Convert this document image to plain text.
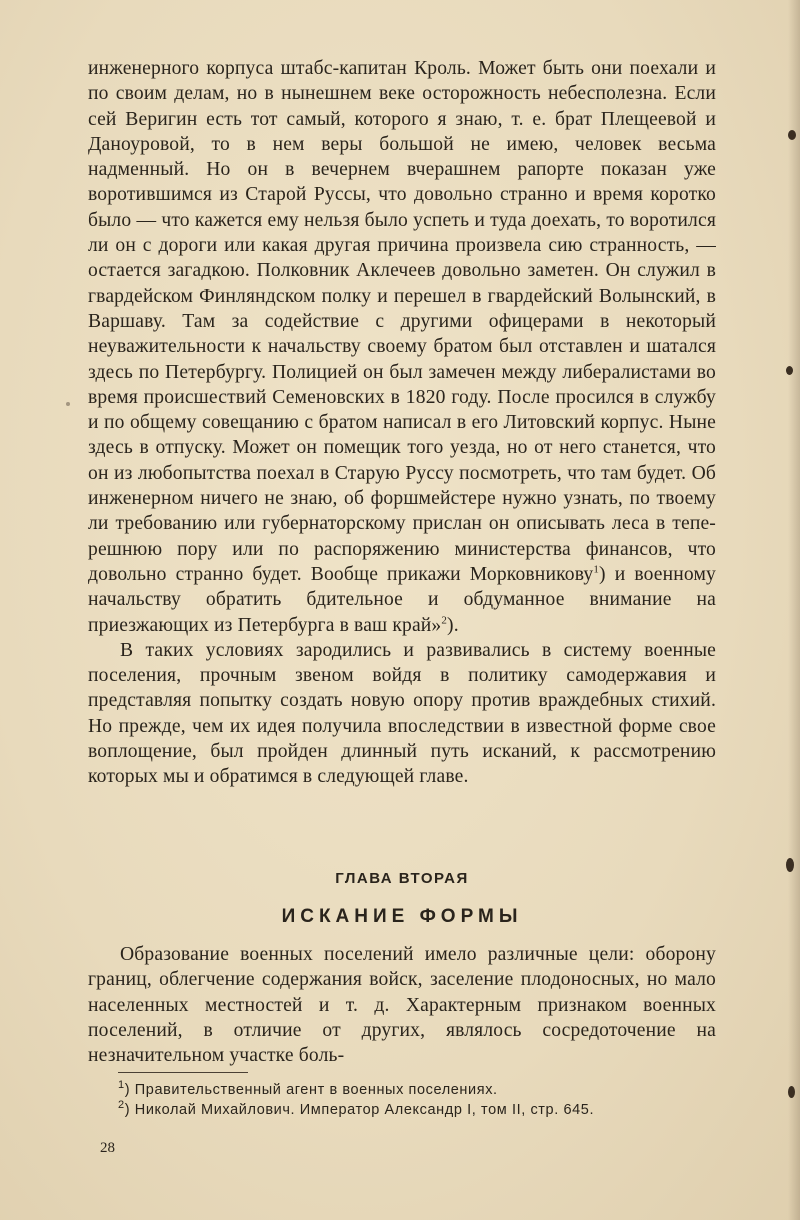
инженерного корпуса штабс-капитан Кроль. Может быть они поехали и по своим делам, но в нынешнем веке осторожность небесполезна. Если сей Веригин есть тот самый, которого я знаю, т. е. брат Плещеевой и Даноуровой, то в нем веры большой не имею, человек весьма надменный. Но он в вечернем вчерашнем рапорте показан уже воротившимся из Старой Руссы, что довольно странно и время коротко было — что кажется ему нельзя было успеть и туда доехать, то воротился ли он с дороги или какая другая причина произвела сию странность, — остается загадкою. Полковник Аклечеев довольно заметен. Он служил в гвардейском Финляндском полку и перешел в гвардейский Волынский, в Варшаву. Там за содействие с другими офицерами в некоторый неуважительности к начальству своему братом был отставлен и шатался здесь по Петербургу. Полицией он был замечен между либералистами во время происшествий Семеновских в 1820 году. После просился в службу и по общему совещанию с братом написал в его Литовский корпус. Ныне здесь в отпуску. Может он помещик того уезда, но от него станется, что он из любопытства поехал в Старую Руссу посмотреть, что там будет. Об инженерном ничего не знаю, об форшмейстере нужно узнать, по твоему ли требованию или губернаторскому прислан он описывать леса в тепе-решнюю пору или по распоряжению министерства финансов, что довольно странно будет. Вообще прикажи Морковникову$^1$) и военному начальству обратить бдительное и обдуманное внимание на приезжающих из Петербурга в ваш край»$^2$).

В таких условиях зародились и развивались в систему военные поселения, прочным звеном войдя в политику самодержавия и представляя попытку создать новую опору против враждебных стихий. Но прежде, чем их идея получила впоследствии в известной форме свое воплощение, был пройден длинный путь исканий, к рассмотрению которых мы и обратимся в следующей главе.

ГЛАВА ВТОРАЯ

ИСКАНИЕ ФОРМЫ

Образование военных поселений имело различные цели: оборону границ, облегчение содержания войск, заселение плодоносных, но мало населенных местностей и т. д. Характерным признаком военных поселений, в отличие от других, являлось сосредоточение на незначительном участке боль-

$^1$) Правительственный агент в военных поселениях.

$^2$) Николай Михайлович. Император Александр I, том II, стр. 645.

28
